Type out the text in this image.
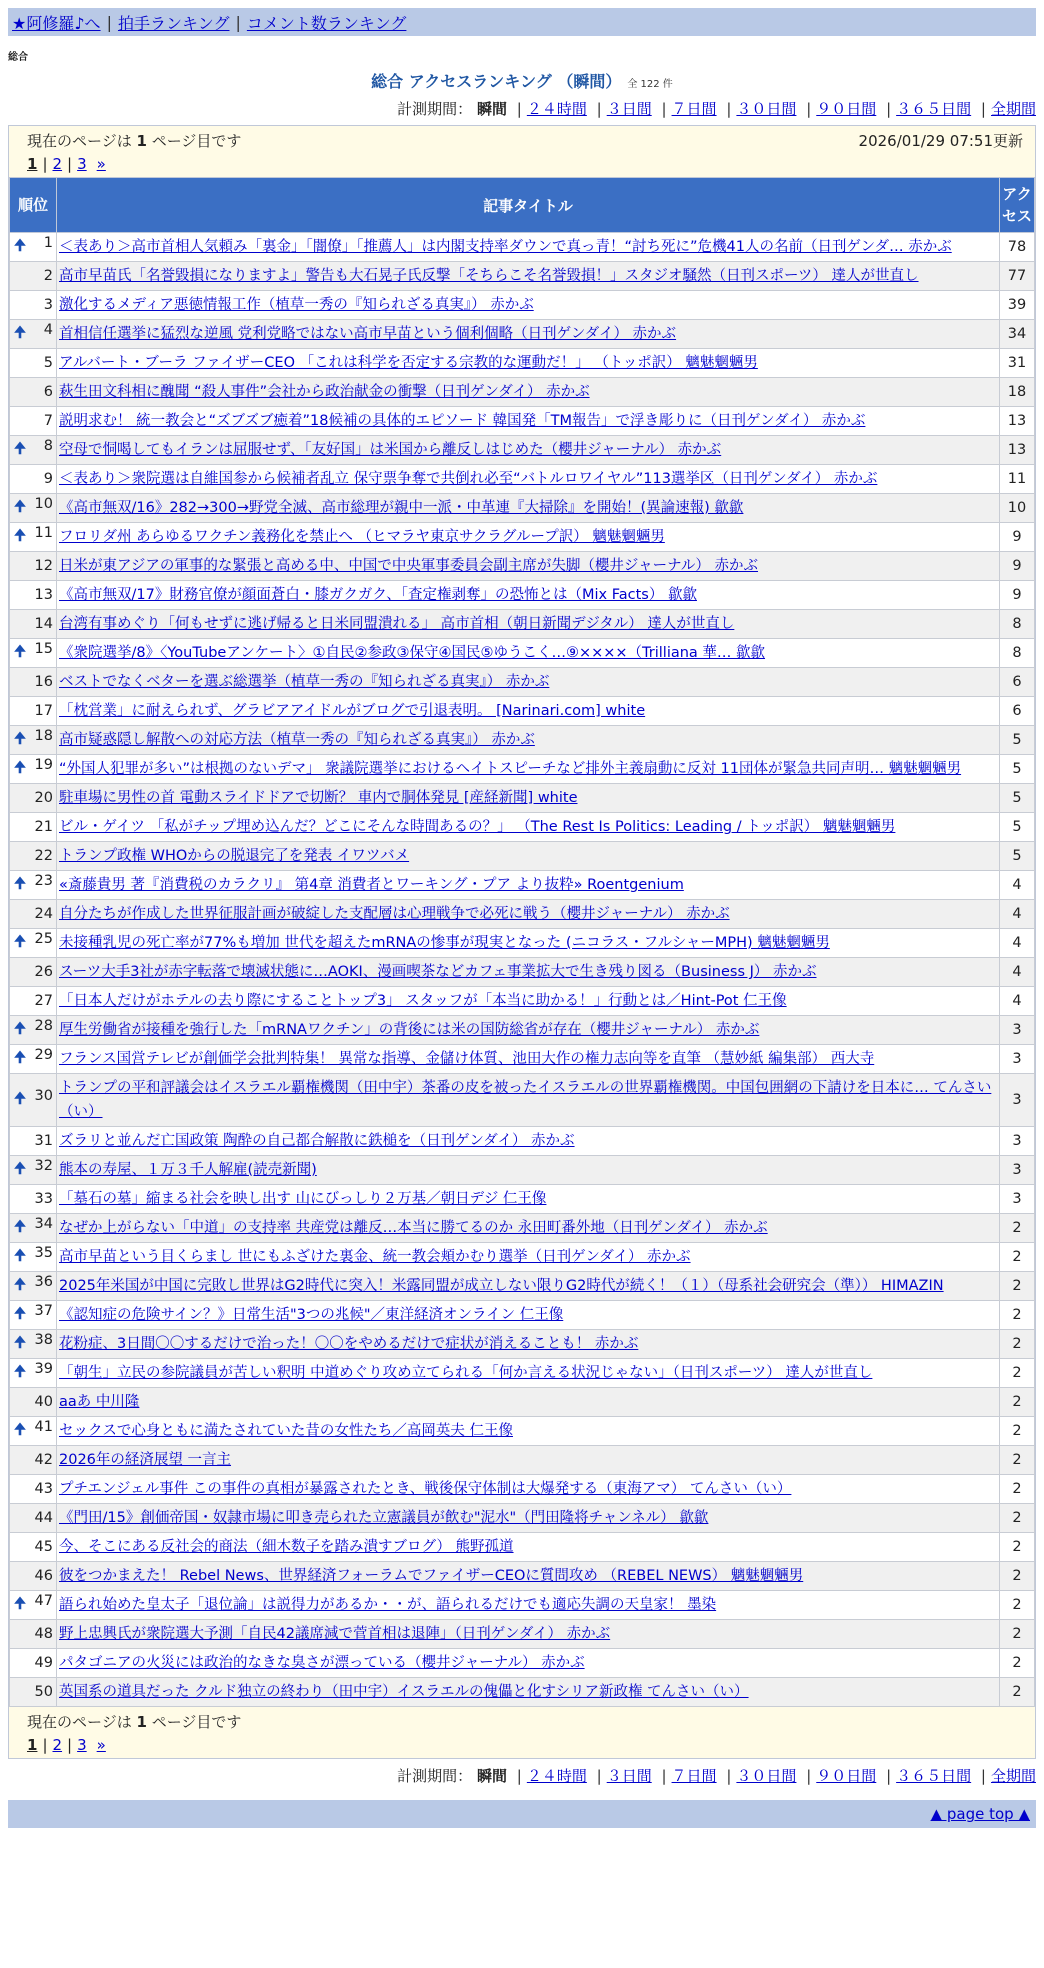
★阿修羅♪へ | 拍手ランキング | コメント数ランキング
総合
総合 アクセスランキング （瞬間） 全 122 件
計測期間： 瞬間 | ２４時間 | ３日間 | ７日間 | ３０日間 | ９０日間 | ３６５日間 | 全期間
現在のページは 1 ページ目です	2026/01/29 07:51更新
1 | 2 | 3 »
順位	記事タイトル	アクセス

🠉 1	＜表あり＞高市首相人気頼み「裏金」「闇僚」「推薦人」は内閣支持率ダウンで真っ青！“討ち死に”危機41人の名前（日刊ゲンダ… 赤かぶ	78
2	高市早苗氏「名誉毀損になりますよ」警告も大石晃子氏反撃「そちらこそ名誉毀損！」スタジオ騒然（日刊スポーツ） 達人が世直し	77
3	激化するメディア悪徳情報工作（植草一秀の『知られざる真実』） 赤かぶ	39

🠉 4	首相信任選挙に猛烈な逆風 党利党略ではない高市早苗という個利個略（日刊ゲンダイ） 赤かぶ	34
5	アルバート・ブーラ ファイザーCEO 「これは科学を否定する宗教的な運動だ！」 （トッポ訳） 魑魅魍魎男	31
6	萩生田文科相に醜聞 “殺人事件”会社から政治献金の衝撃（日刊ゲンダイ） 赤かぶ	18
7	説明求む！ 統一教会と“ズブズブ癒着”18候補の具体的エピソード 韓国発「TM報告」で浮き彫りに（日刊ゲンダイ） 赤かぶ	13

🠉 8	空母で恫喝してもイランは屈服せず、「友好国」は米国から離反しはじめた（櫻井ジャーナル） 赤かぶ	13
9	＜表あり＞衆院選は自維国参から候補者乱立 保守票争奪で共倒れ必至“バトルロワイヤル”113選挙区（日刊ゲンダイ） 赤かぶ	11

🠉 10	《高市無双/16》282→300→野党全滅、高市総理が親中一派・中革連『大掃除』を開始！(異論速報) 歙歙	10

🠉 11	フロリダ州 あらゆるワクチン義務化を禁止へ （ヒマラヤ東京サクラグループ訳） 魑魅魍魎男	9
12	日米が東アジアの軍事的な緊張と高める中、中国で中央軍事委員会副主席が失脚（櫻井ジャーナル） 赤かぶ	9
13	《高市無双/17》財務官僚が顔面蒼白・膝ガクガク、「査定権剥奪」の恐怖とは（Mix Facts） 歙歙	9
14	台湾有事めぐり「何もせずに逃げ帰ると日米同盟潰れる」 高市首相（朝日新聞デジタル） 達人が世直し	8

🠉 15	《衆院選挙/8》〈YouTubeアンケート〉①自民②参政③保守④国民⑤ゆうこく…⑨××××（Trilliana 華… 歙歙	8
16	ベストでなくベターを選ぶ総選挙（植草一秀の『知られざる真実』） 赤かぶ	6
17	「枕営業」に耐えられず、グラビアアイドルがブログで引退表明。 [Narinari.com] white	6

🠉 18	高市疑惑隠し解散への対応方法（植草一秀の『知られざる真実』） 赤かぶ	5

🠉 19	“外国人犯罪が多い”は根拠のないデマ」 衆議院選挙におけるヘイトスピーチなど排外主義扇動に反対 11団体が緊急共同声明… 魑魅魍魎男	5
20	駐車場に男性の首 電動スライドドアで切断？ 車内で胴体発見 [産経新聞] white	5
21	ビル・ゲイツ 「私がチップ埋め込んだ？どこにそんな時間あるの？」 （The Rest Is Politics: Leading / トッポ訳） 魑魅魍魎男	5
22	トランプ政権 WHOからの脱退完了を発表 イワツバメ	5

🠉 23	«斎藤貴男 著『消費税のカラクリ』 第4章 消費者とワーキング・プア より抜粋» Roentgenium	4
24	自分たちが作成した世界征服計画が破綻した支配層は心理戦争で必死に戦う（櫻井ジャーナル） 赤かぶ	4

🠉 25	未接種乳児の死亡率が77%も増加 世代を超えたmRNAの惨事が現実となった (ニコラス・フルシャーMPH) 魑魅魍魎男	4
26	スーツ大手3社が赤字転落で壊滅状態に…AOKI、漫画喫茶などカフェ事業拡大で生き残り図る（Business J） 赤かぶ	4
27	「日本人だけがホテルの去り際にすることトップ3」 スタッフが「本当に助かる！」行動とは／Hint-Pot 仁王像	4

🠉 28	厚生労働省が接種を強行した「mRNAワクチン」の背後には米の国防総省が存在（櫻井ジャーナル） 赤かぶ	3

🠉 29	フランス国営テレビが創価学会批判特集！ 異常な指導、金儲け体質、池田大作の権力志向等を直筆 （慧妙紙 編集部） 西大寺	3

🠉 30	トランプの平和評議会はイスラエル覇権機関（田中宇）茶番の皮を被ったイスラエルの世界覇権機関。中国包囲網の下請けを日本に… てんさい（い）	3
31	ズラリと並んだ亡国政策 陶酔の自己都合解散に鉄槌を（日刊ゲンダイ） 赤かぶ	3

🠉 32	熊本の寿屋、１万３千人解雇(読売新聞)	3
33	「墓石の墓」縮まる社会を映し出す 山にびっしり２万基／朝日デジ 仁王像	3

🠉 34	なぜか上がらない「中道」の支持率 共産党は離反…本当に勝てるのか 永田町番外地（日刊ゲンダイ） 赤かぶ	2

🠉 35	高市早苗という目くらまし 世にもふざけた裏金、統一教会頬かむり選挙（日刊ゲンダイ） 赤かぶ	2

🠉 36	2025年米国が中国に完敗し世界はG2時代に突入！米露同盟が成立しない限りG2時代が続く！（１）（母系社会研究会（準）） HIMAZIN	2

🠉 37	《認知症の危険サイン？》日常生活"3つの兆候"／東洋経済オンライン 仁王像	2

🠉 38	花粉症、3日間〇〇するだけで治った！〇〇をやめるだけで症状が消えることも！ 赤かぶ	2

🠉 39	「朝生」立民の参院議員が苦しい釈明 中道めぐり攻め立てられる「何か言える状況じゃない」（日刊スポーツ） 達人が世直し	2
40	aaあ 中川隆	2

🠉 41	セックスで心身ともに満たされていた昔の女性たち／高岡英夫 仁王像	2
42	2026年の経済展望 一言主	2
43	プチエンジェル事件 この事件の真相が暴露されたとき、戦後保守体制は大爆発する（東海アマ） てんさい（い）	2
44	《門田/15》創価帝国・奴隷市場に叩き売られた立憲議員が飲む"泥水"（門田隆将チャンネル） 歙歙	2
45	今、そこにある反社会的商法（細木数子を踏み潰すブログ） 熊野孤道	2
46	彼をつかまえた！ Rebel News、世界経済フォーラムでファイザーCEOに質問攻め （REBEL NEWS） 魑魅魍魎男	2

🠉 47	語られ始めた皇太子「退位論」は説得力があるか・・が、語られるだけでも適応失調の天皇家！ 墨染	2
48	野上忠興氏が衆院選大予測「自民42議席減で菅首相は退陣」（日刊ゲンダイ） 赤かぶ	2
49	パタゴニアの火災には政治的なきな臭さが漂っている（櫻井ジャーナル） 赤かぶ	2
50	英国系の道具だった クルド独立の終わり（田中宇）イスラエルの傀儡と化すシリア新政権 てんさい（い）	2
現在のページは 1 ページ目です
1 | 2 | 3 »
計測期間： 瞬間 | ２４時間 | ３日間 | ７日間 | ３０日間 | ９０日間 | ３６５日間 | 全期間
▲ page top ▲
